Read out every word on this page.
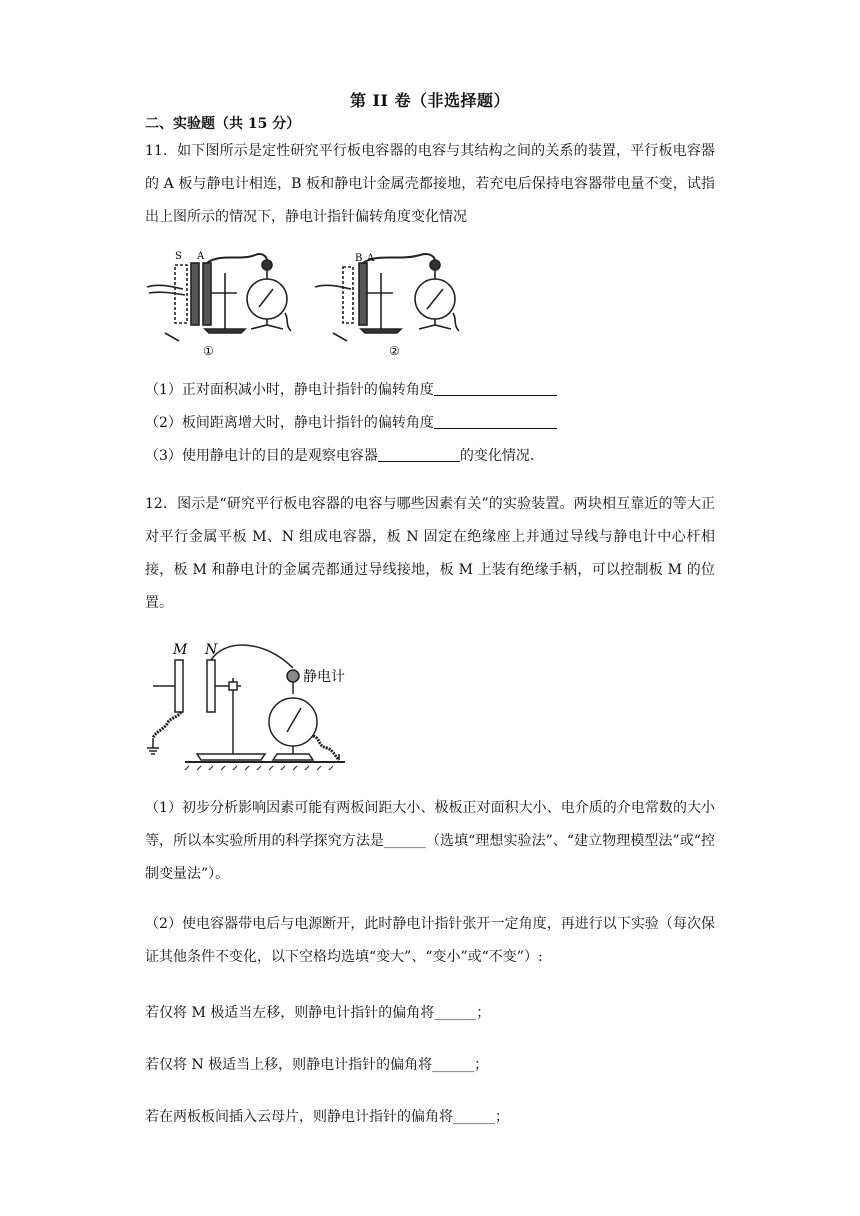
第 II 卷（非选择题）
二、实验题（共 15 分）
11．如下图所示是定性研究平行板电容器的电容与其结构之间的关系的装置，平行板电容器的 A 板与静电计相连，B 板和静电计金属壳都接地，若充电后保持电容器带电量不变，试指出上图所示的情况下，静电计指针偏转角度变化情况
S A	B A
①	②
（1）正对面积减小时，静电计指针的偏转角度
（2）板间距离增大时，静电计指针的偏转角度
（3）使用静电计的目的是观察电容器	的变化情况．
12．图示是“研究平行板电容器的电容与哪些因素有关”的实验装置。两块相互靠近的等大正对平行金属平板 M、N 组成电容器，板 N 固定在绝缘座上并通过导线与静电计中心杆相接，板 M 和静电计的金属壳都通过导线接地，板 M 上装有绝缘手柄，可以控制板 M 的位置。
M N
静电计
（1）初步分析影响因素可能有两板间距大小、极板正对面积大小、电介质的介电常数的大小等，所以本实验所用的科学探究方法是______（选填“理想实验法”、“建立物理模型法”或“控制变量法”）。
（2）使电容器带电后与电源断开，此时静电计指针张开一定角度，再进行以下实验（每次保证其他条件不变化，以下空格均选填“变大”、“变小”或“不变”）:
若仅将 M 极适当左移，则静电计指针的偏角将______；
若仅将 N 极适当上移，则静电计指针的偏角将______；
若在两板板间插入云母片，则静电计指针的偏角将______；
